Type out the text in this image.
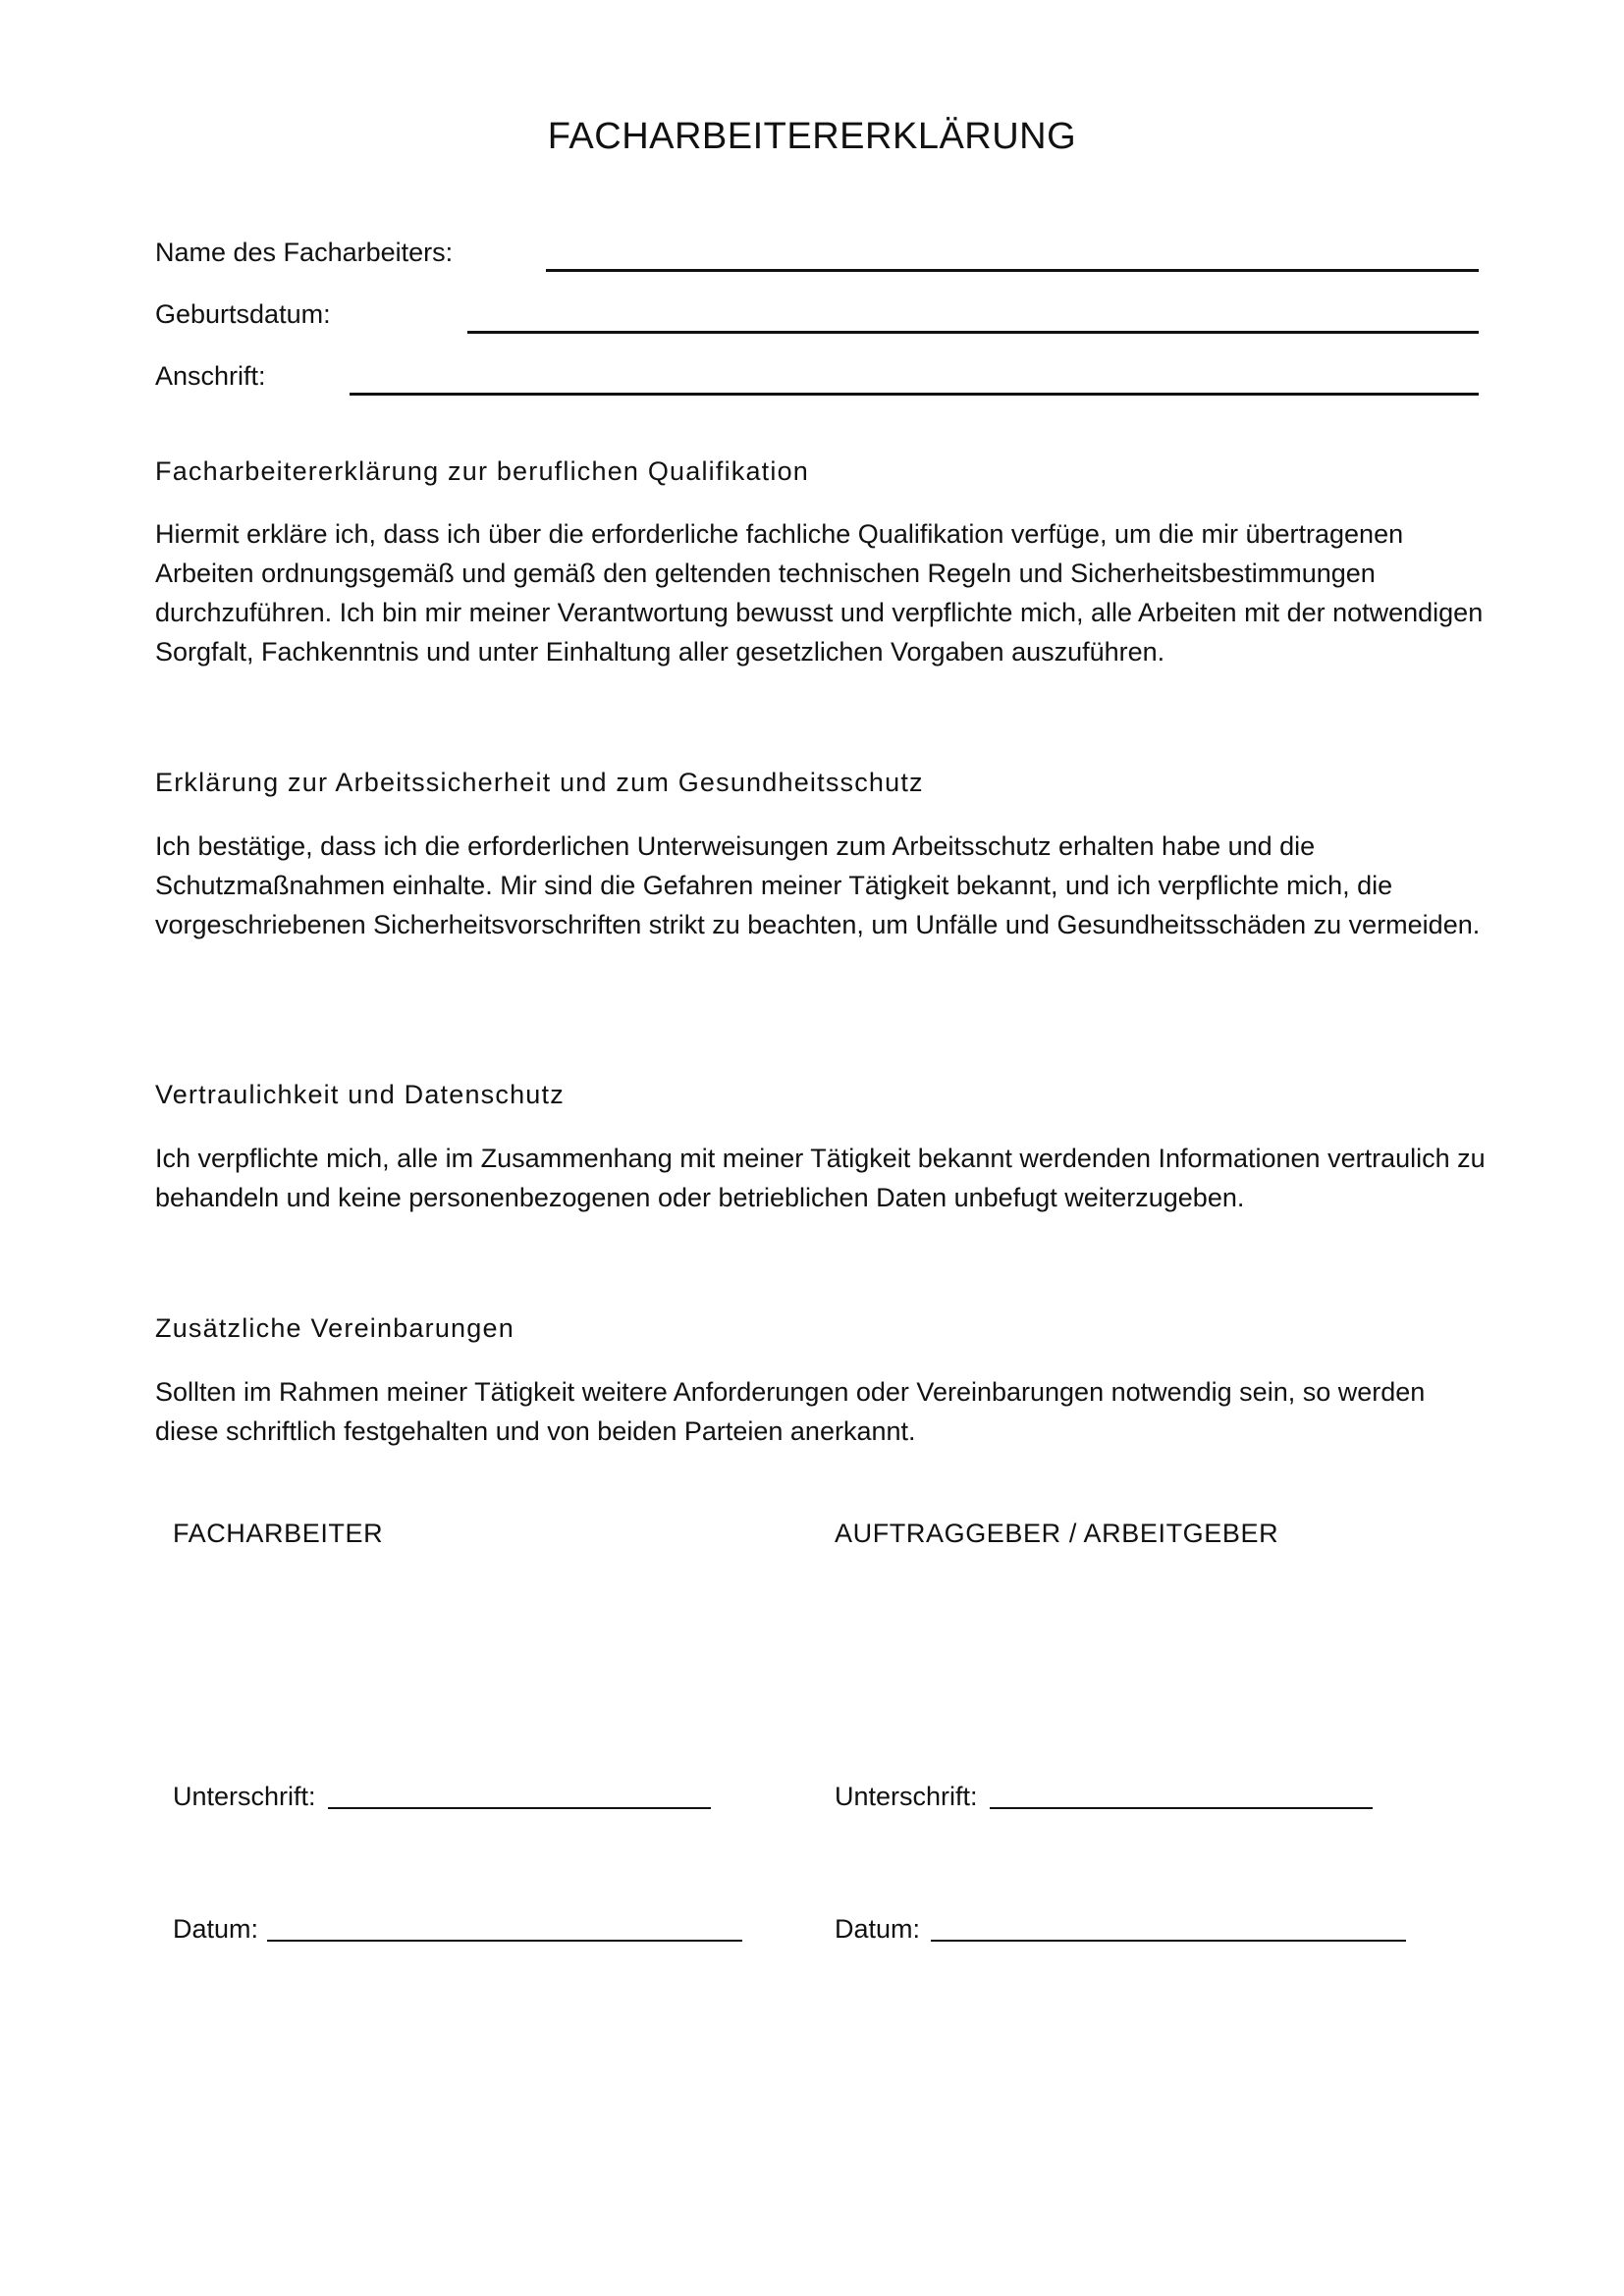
FACHARBEITERERKLÄRUNG
Name des Facharbeiters:
Geburtsdatum:
Anschrift:
Facharbeitererklärung zur beruflichen Qualifikation

Hiermit erkläre ich, dass ich über die erforderliche fachliche Qualifikation verfüge, um die mir übertragenen Arbeiten ordnungsgemäß und gemäß den geltenden technischen Regeln und Sicherheitsbestimmungen durchzuführen. Ich bin mir meiner Verantwortung bewusst und verpflichte mich, alle Arbeiten mit der notwendigen Sorgfalt, Fachkenntnis und unter Einhaltung aller gesetzlichen Vorgaben auszuführen.

Erklärung zur Arbeitssicherheit und zum Gesundheitsschutz

Ich bestätige, dass ich die erforderlichen Unterweisungen zum Arbeitsschutz erhalten habe und die Schutzmaßnahmen einhalte. Mir sind die Gefahren meiner Tätigkeit bekannt, und ich verpflichte mich, die vorgeschriebenen Sicherheitsvorschriften strikt zu beachten, um Unfälle und Gesundheitsschäden zu vermeiden.

Vertraulichkeit und Datenschutz

Ich verpflichte mich, alle im Zusammenhang mit meiner Tätigkeit bekannt werdenden Informationen vertraulich zu behandeln und keine personenbezogenen oder betrieblichen Daten unbefugt weiterzugeben.

Zusätzliche Vereinbarungen

Sollten im Rahmen meiner Tätigkeit weitere Anforderungen oder Vereinbarungen notwendig sein, so werden diese schriftlich festgehalten und von beiden Parteien anerkannt.

FACHARBEITER
Unterschrift:
Datum:
AUFTRAGGEBER / ARBEITGEBER
Unterschrift:
Datum:
